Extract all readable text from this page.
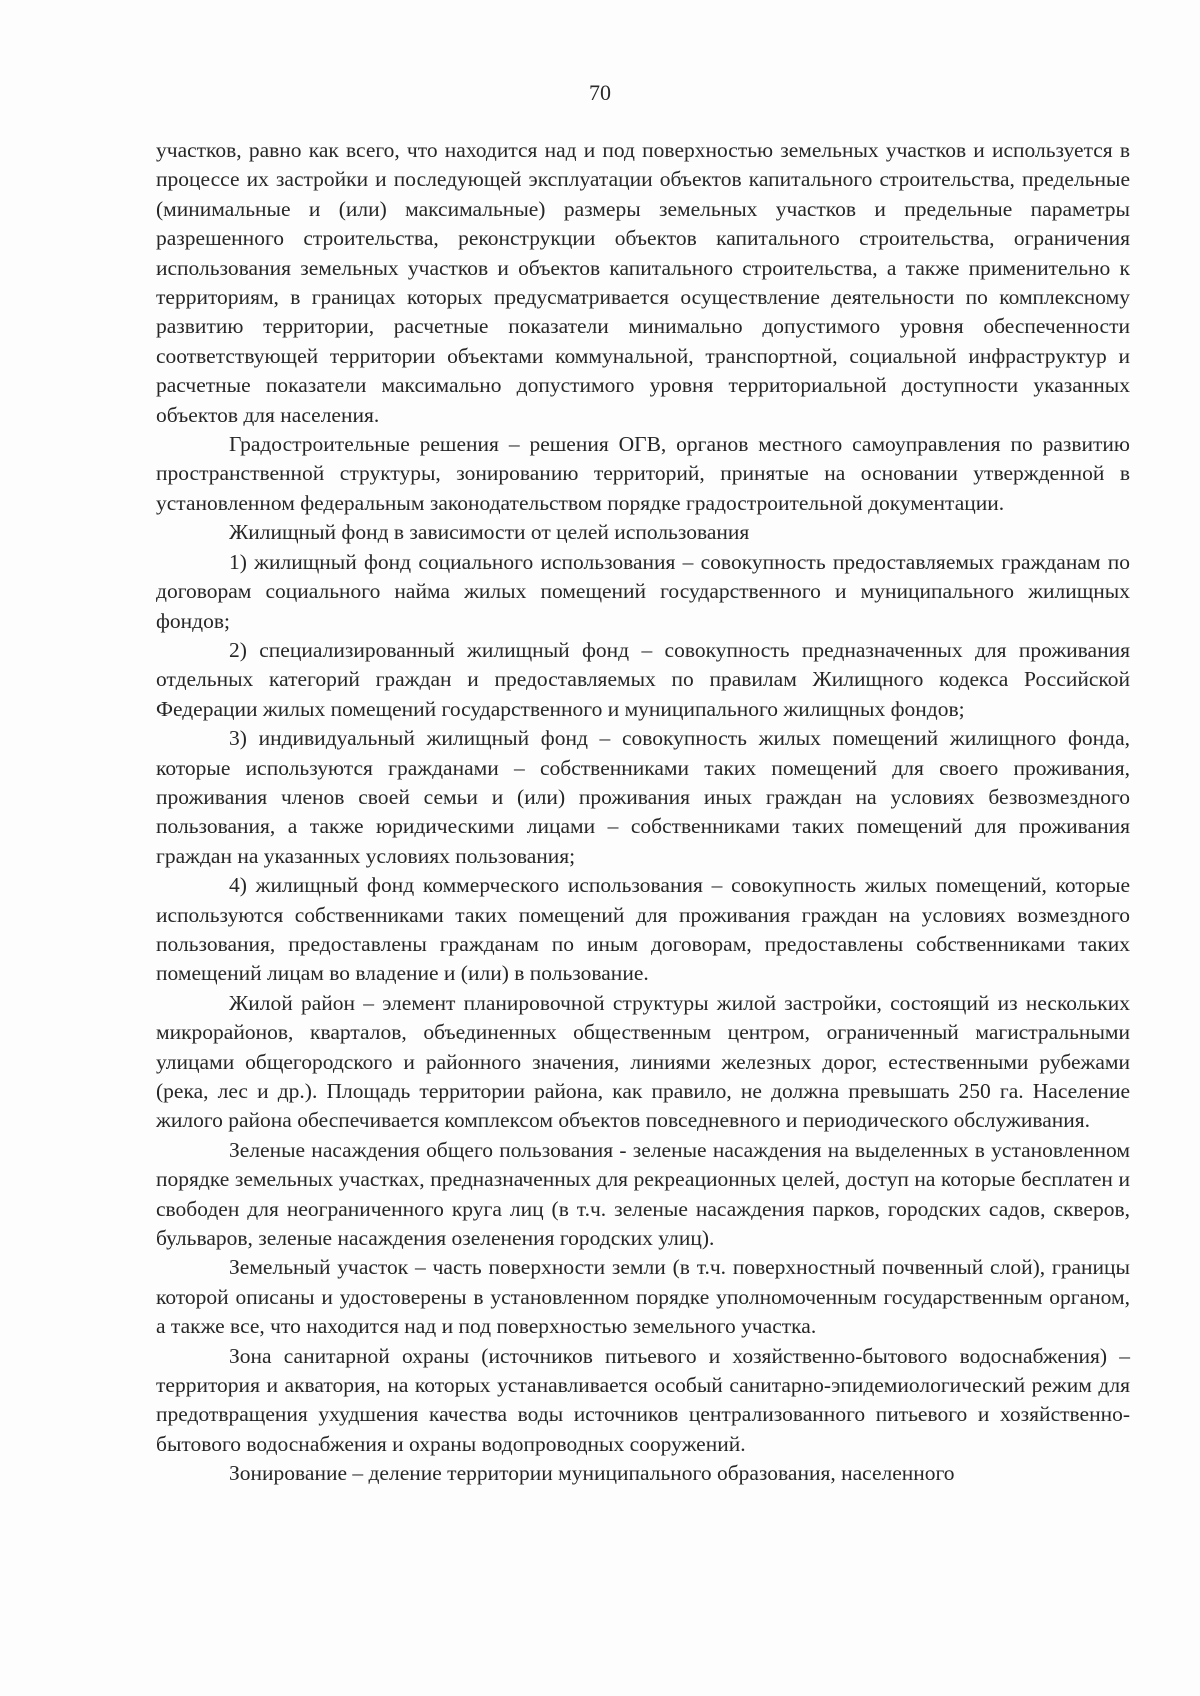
70

участков, равно как всего, что находится над и под поверхностью земельных участков и используется в процессе их застройки и последующей эксплуатации объектов капитального строительства, предельные (минимальные и (или) максимальные) размеры земельных участков и предельные параметры разрешенного строительства, реконструкции объектов капитального строительства, ограничения использования земельных участков и объектов капитального строительства, а также применительно к территориям, в границах которых предусматривается осуществление деятельности по комплексному развитию территории, расчетные показатели минимально допустимого уровня обеспеченности соответствующей территории объектами коммунальной, транспортной, социальной инфраструктур и расчетные показатели максимально допустимого уровня территориальной доступности указанных объектов для населения.

Градостроительные решения – решения ОГВ, органов местного самоуправления по развитию пространственной структуры, зонированию территорий, принятые на основании утвержденной в установленном федеральным законодательством порядке градостроительной документации.

Жилищный фонд в зависимости от целей использования

1) жилищный фонд социального использования – совокупность предоставляемых гражданам по договорам социального найма жилых помещений государственного и муниципального жилищных фондов;

2) специализированный жилищный фонд – совокупность предназначенных для проживания отдельных категорий граждан и предоставляемых по правилам Жилищного кодекса Российской Федерации жилых помещений государственного и муниципального жилищных фондов;

3) индивидуальный жилищный фонд – совокупность жилых помещений жилищного фонда, которые используются гражданами – собственниками таких помещений для своего проживания, проживания членов своей семьи и (или) проживания иных граждан на условиях безвозмездного пользования, а также юридическими лицами – собственниками таких помещений для проживания граждан на указанных условиях пользования;

4) жилищный фонд коммерческого использования – совокупность жилых помещений, которые используются собственниками таких помещений для проживания граждан на условиях возмездного пользования, предоставлены гражданам по иным договорам, предоставлены собственниками таких помещений лицам во владение и (или) в пользование.

Жилой район – элемент планировочной структуры жилой застройки, состоящий из нескольких микрорайонов, кварталов, объединенных общественным центром, ограниченный магистральными улицами общегородского и районного значения, линиями железных дорог, естественными рубежами (река, лес и др.). Площадь территории района, как правило, не должна превышать 250 га. Население жилого района обеспечивается комплексом объектов повседневного и периодического обслуживания.

Зеленые насаждения общего пользования - зеленые насаждения на выделенных в установленном порядке земельных участках, предназначенных для рекреационных целей, доступ на которые бесплатен и свободен для неограниченного круга лиц (в т.ч. зеленые насаждения парков, городских садов, скверов, бульваров, зеленые насаждения озеленения городских улиц).

Земельный участок – часть поверхности земли (в т.ч. поверхностный почвенный слой), границы которой описаны и удостоверены в установленном порядке уполномоченным государственным органом, а также все, что находится над и под поверхностью земельного участка.

Зона санитарной охраны (источников питьевого и хозяйственно-бытового водоснабжения) – территория и акватория, на которых устанавливается особый санитарно-эпидемиологический режим для предотвращения ухудшения качества воды источников централизованного питьевого и хозяйственно-бытового водоснабжения и охраны водопроводных сооружений.

Зонирование – деление территории муниципального образования, населенного
